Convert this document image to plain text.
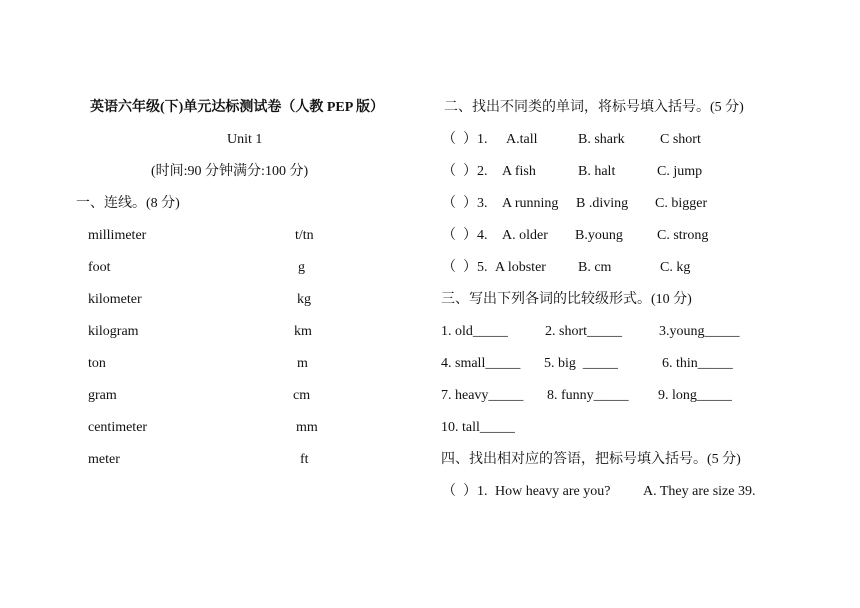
英语六年级(下)单元达标测试卷（人教 PEP 版）
Unit 1
(时间:90 分钟满分:100 分)
一、连线。(8 分)
millimeter	t/tn
foot	g
kilometer	kg
kilogram	km
ton	m
gram	cm
centimeter	mm
meter	ft
二、找出不同类的单词，将标号填入括号。(5 分)
（  ）1. A.tall	B. shark	C short
（  ）2. A fish	B. halt	C. jump
（  ）3. A running B .diving C. bigger
（  ）4. A. older B.young C. strong
（  ）5. A lobster B. cm	C. kg
三、写出下列各词的比较级形式。(10 分)
1. old_____	2. short_____	3.young_____
4. small_____ 5. big  _____	6. thin_____
7. heavy_____ 8. funny_____ 9. long_____
10. tall_____
四、找出相对应的答语，把标号填入括号。(5 分)
（  ）1. How heavy are you? A. They are size 39.
